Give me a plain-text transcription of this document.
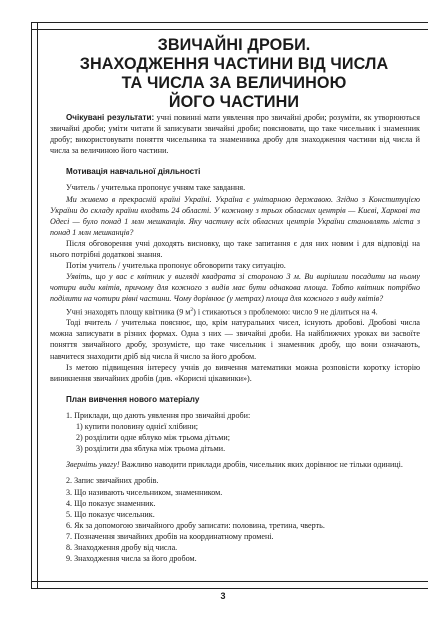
ЗВИЧАЙНІ ДРОБИ.
ЗНАХОДЖЕННЯ ЧАСТИНИ ВІД ЧИСЛА
ТА ЧИСЛА ЗА ВЕЛИЧИНОЮ
ЙОГО ЧАСТИНИ

Очікувані результати: учні повинні мати уявлення про звичайні дроби; розуміти, як утворюються звичайні дроби; уміти читати й записувати звичайні дроби; пояснювати, що таке чисельник і знаменник дробу; використовувати поняття чисельника та знаменника дробу для знаходження частини від числа й числа за величиною його частини.

Мотивація навчальної діяльності

Учитель / учителька пропонує учням таке завдання.

Ми живемо в прекрасній країні Україні. Україна є унітарною державою. Згідно з Конституцією України до складу країни входять 24 області. У кожному з трьох обласних центрів — Києві, Харкові та Одесі — було понад 1 млн мешканців. Яку частину всіх обласних центрів України становлять міста з понад 1 млн мешканців?

Після обговорення учні доходять висновку, що таке запитання є для них новим і для відповіді на нього потрібні додаткові знання.

Потім учитель / учителька пропонує обговорити таку ситуацію.

Уявіть, що у вас є квітник у вигляді квадрата зі стороною 3 м. Ви вирішили посадити на ньому чотири види квітів, причому для кожного з видів має бути однакова площа. Тобто квітник потрібно поділити на чотири рівні частини. Чому дорівнює (у метрах) площа для кожного з виду квітів?

Учні знаходять площу квітника (9 $м^2$) і стикаються з проблемою: число 9 не ділиться на 4.

Тоді вчитель / учителька пояснює, що, крім натуральних чисел, існують дробові. Дробові числа можна записувати в різних формах. Одна з них — звичайні дроби. На найближчих уроках ви засвоїте поняття звичайного дробу, зрозумієте, що таке чисельник і знаменник дробу, що вони означають, навчитеся знаходити дріб від числа й число за його дробом.

Із метою підвищення інтересу учнів до вивчення математики можна розповісти коротку історію виникнення звичайних дробів (див. «Корисні цікавинки»).

План вивчення нового матеріалу

1. Приклади, що дають уявлення про звичайні дроби:
1) купити половину однієї хлібини;
2) розділити одне яблуко між трьома дітьми;
3) розділити два яблука між трьома дітьми.

Зверніть увагу! Важливо наводити приклади дробів, чисельник яких дорівнює не тільки одиниці.

2. Запис звичайних дробів.
3. Що називають чисельником, знаменником.
4. Що показує знаменник.
5. Що показує чисельник.
6. Як за допомогою звичайного дробу записати: половина, третина, чверть.
7. Позначення звичайних дробів на координатному промені.
8. Знаходження дробу від числа.
9. Знаходження числа за його дробом.
3
